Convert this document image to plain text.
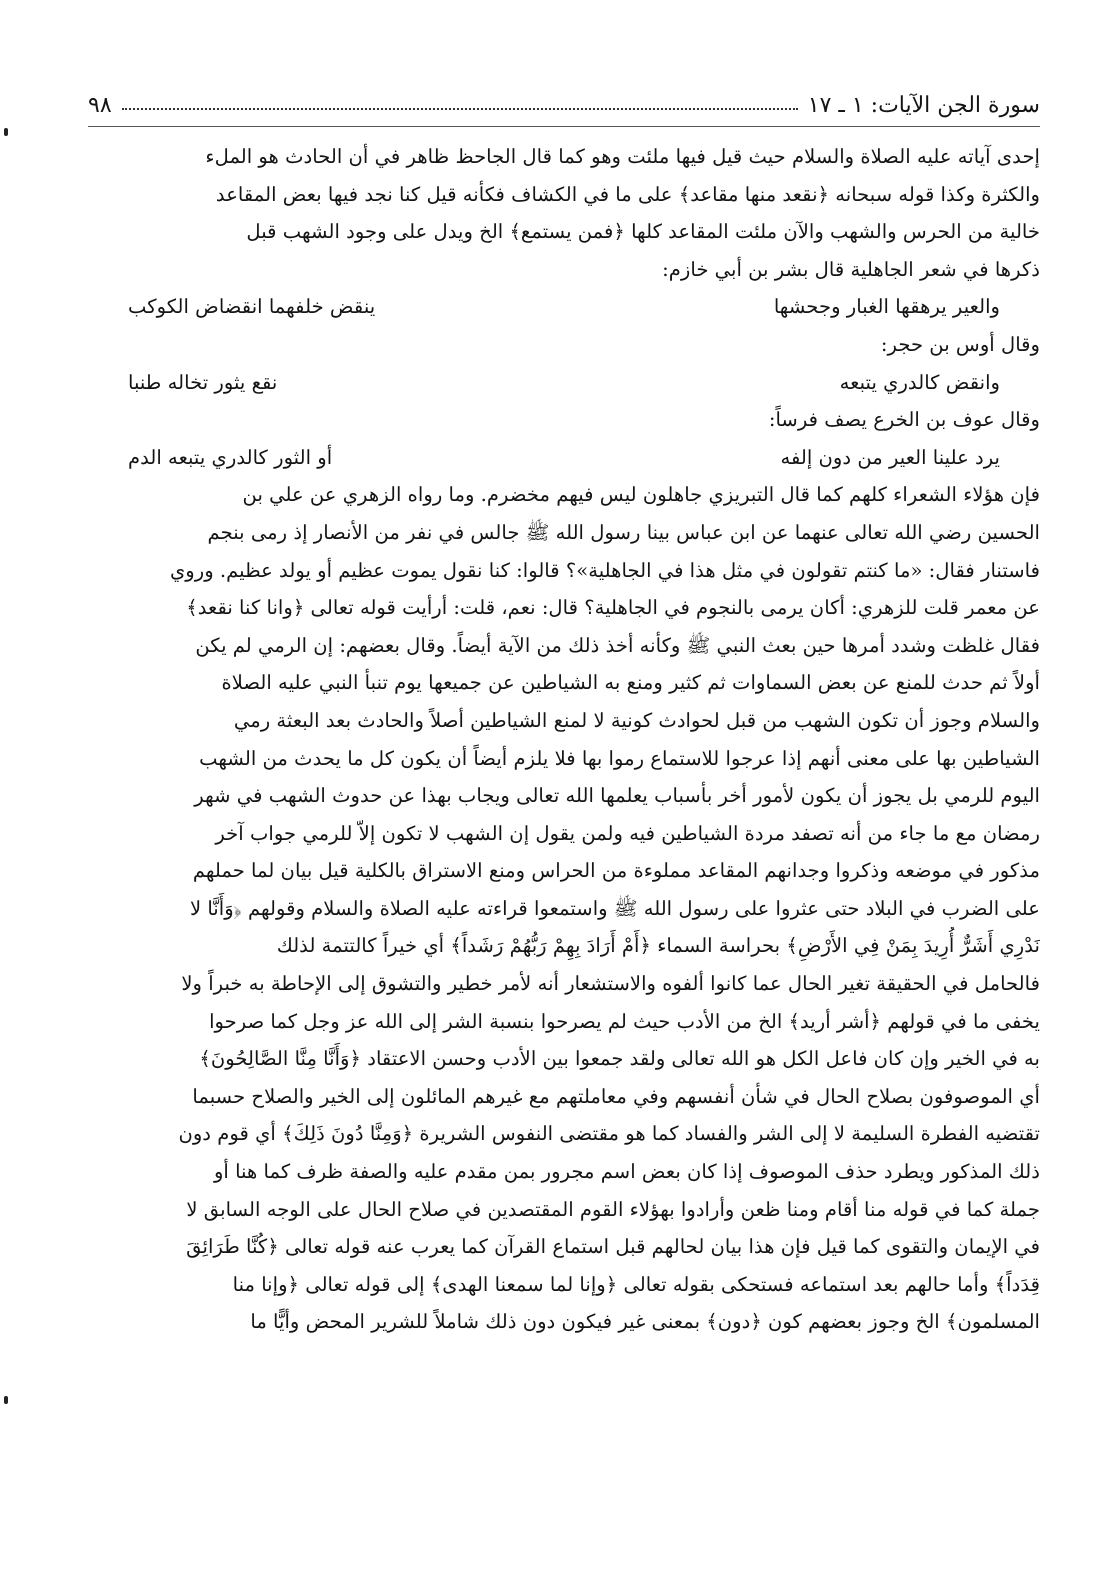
٩٨	سورة الجن الآيات: ١ ـ ١٧
إحدى آياته عليه الصلاة والسلام حيث قيل فيها ملئت وهو كما قال الجاحظ ظاهر في أن الحادث هو الملء
والكثرة وكذا قوله سبحانه ﴿نقعد منها مقاعد﴾ على ما في الكشاف فكأنه قيل كنا نجد فيها بعض المقاعد
خالية من الحرس والشهب والآن ملئت المقاعد كلها ﴿فمن يستمع﴾ الخ ويدل على وجود الشهب قبل
ذكرها في شعر الجاهلية قال بشر بن أبي خازم:
والعير يرهقها الغبار وجحشها
ينقض خلفهما انقضاض الكوكب
وقال أوس بن حجر:
وانقض كالدري يتبعه
نقع يثور تخاله طنبا
وقال عوف بن الخرع يصف فرساً:
يرد علينا العير من دون إلفه
أو الثور كالدري يتبعه الدم
فإن هؤلاء الشعراء كلهم كما قال التبريزي جاهلون ليس فيهم مخضرم. وما رواه الزهري عن علي بن
الحسين رضي الله تعالى عنهما عن ابن عباس بينا رسول الله ﷺ جالس في نفر من الأنصار إذ رمى بنجم
فاستنار فقال: «ما كنتم تقولون في مثل هذا في الجاهلية»؟ قالوا: كنا نقول يموت عظيم أو يولد عظيم. وروي
عن معمر قلت للزهري: أكان يرمى بالنجوم في الجاهلية؟ قال: نعم، قلت: أرأيت قوله تعالى ﴿وانا كنا نقعد﴾
فقال غلظت وشدد أمرها حين بعث النبي ﷺ وكأنه أخذ ذلك من الآية أيضاً. وقال بعضهم: إن الرمي لم يكن
أولاً ثم حدث للمنع عن بعض السماوات ثم كثير ومنع به الشياطين عن جميعها يوم تنبأ النبي عليه الصلاة
والسلام وجوز أن تكون الشهب من قبل لحوادث كونية لا لمنع الشياطين أصلاً والحادث بعد البعثة رمي
الشياطين بها على معنى أنهم إذا عرجوا للاستماع رموا بها فلا يلزم أيضاً أن يكون كل ما يحدث من الشهب
اليوم للرمي بل يجوز أن يكون لأمور أخر بأسباب يعلمها الله تعالى ويجاب بهذا عن حدوث الشهب في شهر
رمضان مع ما جاء من أنه تصفد مردة الشياطين فيه ولمن يقول إن الشهب لا تكون إلاّ للرمي جواب آخر
مذكور في موضعه وذكروا وجدانهم المقاعد مملوءة من الحراس ومنع الاستراق بالكلية قيل بيان لما حملهم
على الضرب في البلاد حتى عثروا على رسول الله ﷺ واستمعوا قراءته عليه الصلاة والسلام وقولهم ﴿وَأَنَّا لا
نَدْرِي أَشَرٌّ أُرِيدَ بِمَنْ فِي الأَرْضِ﴾ بحراسة السماء ﴿أَمْ أَرَادَ بِهِمْ رَبُّهُمْ رَشَداً﴾ أي خيراً كالتتمة لذلك
فالحامل في الحقيقة تغير الحال عما كانوا ألفوه والاستشعار أنه لأمر خطير والتشوق إلى الإحاطة به خبراً ولا
يخفى ما في قولهم ﴿أشر أريد﴾ الخ من الأدب حيث لم يصرحوا بنسبة الشر إلى الله عز وجل كما صرحوا
به في الخير وإن كان فاعل الكل هو الله تعالى ولقد جمعوا بين الأدب وحسن الاعتقاد ﴿وَأَنَّا مِنَّا الصَّالِحُونَ﴾
أي الموصوفون بصلاح الحال في شأن أنفسهم وفي معاملتهم مع غيرهم المائلون إلى الخير والصلاح حسبما
تقتضيه الفطرة السليمة لا إلى الشر والفساد كما هو مقتضى النفوس الشريرة ﴿وَمِنَّا دُونَ ذَلِكَ﴾ أي قوم دون
ذلك المذكور ويطرد حذف الموصوف إذا كان بعض اسم مجرور بمن مقدم عليه والصفة ظرف كما هنا أو
جملة كما في قوله منا أقام ومنا ظعن وأرادوا بهؤلاء القوم المقتصدين في صلاح الحال على الوجه السابق لا
في الإيمان والتقوى كما قيل فإن هذا بيان لحالهم قبل استماع القرآن كما يعرب عنه قوله تعالى ﴿كُنَّا طَرَائِقَ
قِدَداً﴾ وأما حالهم بعد استماعه فستحكى بقوله تعالى ﴿وإنا لما سمعنا الهدى﴾ إلى قوله تعالى ﴿وإنا منا
المسلمون﴾ الخ وجوز بعضهم كون ﴿دون﴾ بمعنى غير فيكون دون ذلك شاملاً للشرير المحض وأيًّا ما
